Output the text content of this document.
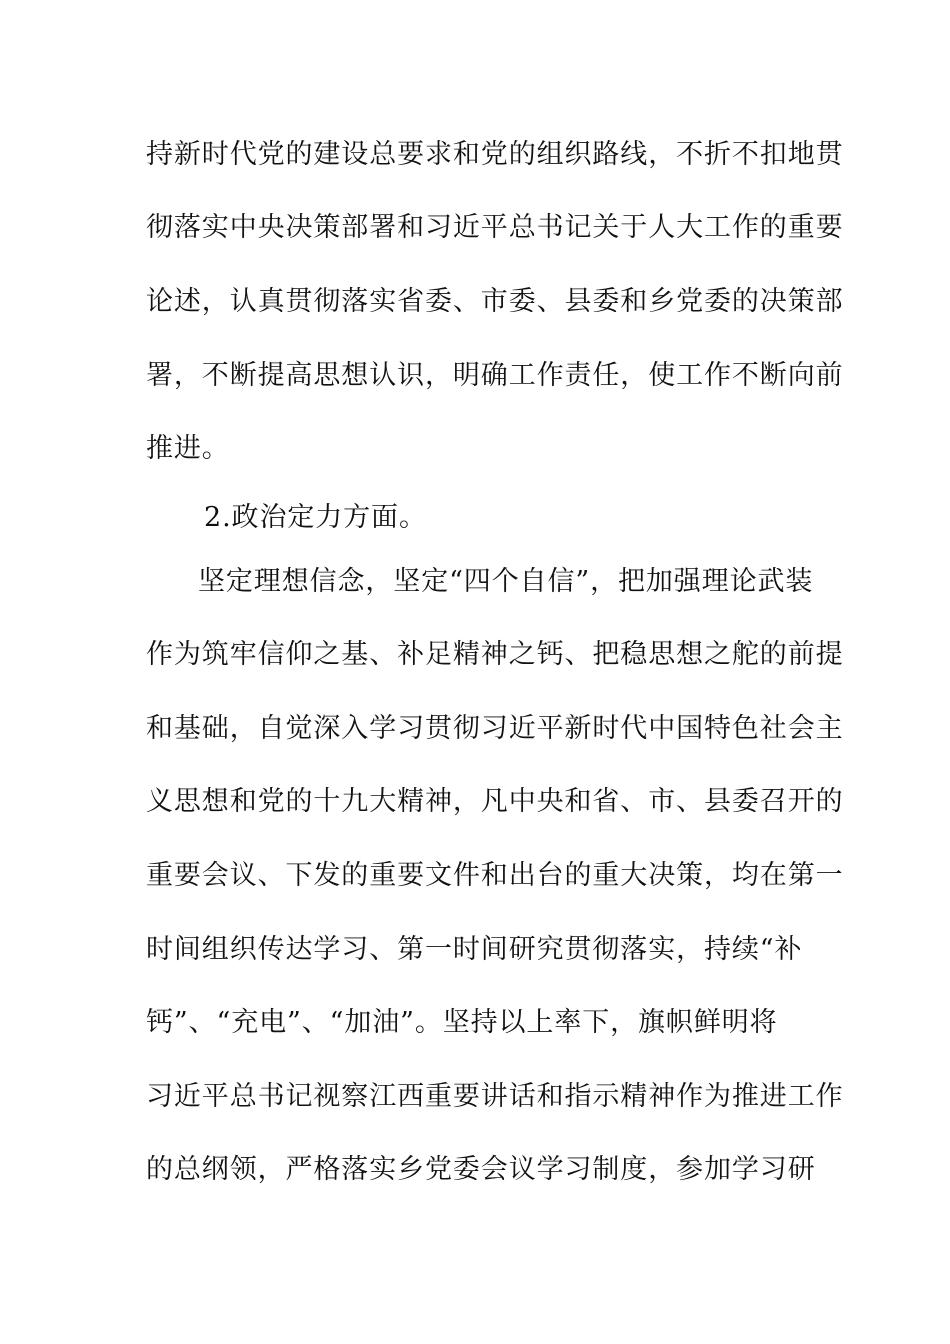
持新时代党的建设总要求和党的组织路线，不折不扣地贯
彻落实中央决策部署和习近平总书记关于人大工作的重要
论述，认真贯彻落实省委、市委、县委和乡党委的决策部
署，不断提高思想认识，明确工作责任，使工作不断向前
推进。
2.政治定力方面。
坚定理想信念，坚定“四个自信”，把加强理论武装
作为筑牢信仰之基、补足精神之钙、把稳思想之舵的前提
和基础，自觉深入学习贯彻习近平新时代中国特色社会主
义思想和党的十九大精神，凡中央和省、市、县委召开的
重要会议、下发的重要文件和出台的重大决策，均在第一
时间组织传达学习、第一时间研究贯彻落实，持续“补
钙”、“充电”、“加油”。坚持以上率下，旗帜鲜明将
习近平总书记视察江西重要讲话和指示精神作为推进工作
的总纲领，严格落实乡党委会议学习制度，参加学习研
